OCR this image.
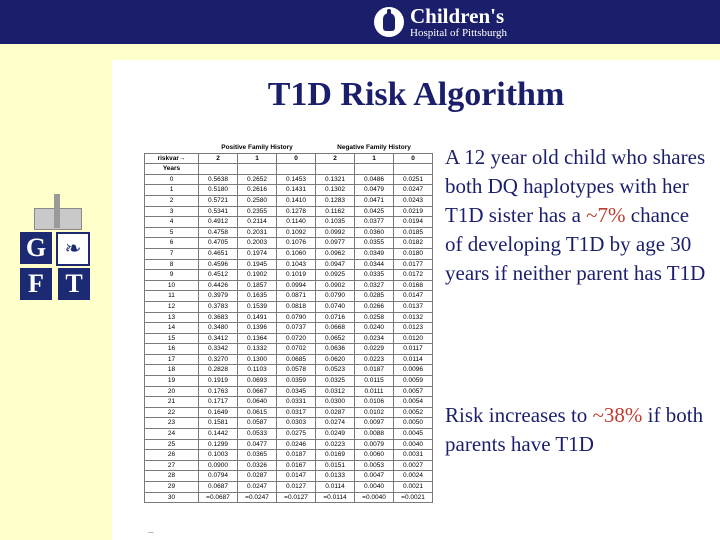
Children's
Hospital of Pittsburgh
G ❧
F T
T1D Risk Algorithm
	Positive Family History			Negative Family History		
riskvar→	2	1	0	2	1	0
Years						
0	0.5638	0.2652	0.1453	0.1321	0.0486	0.0251
1	0.5180	0.2616	0.1431	0.1302	0.0479	0.0247
2	0.5721	0.2580	0.1410	0.1283	0.0471	0.0243
3	0.5341	0.2355	0.1278	0.1162	0.0425	0.0219
4	0.4912	0.2114	0.1140	0.1035	0.0377	0.0194
5	0.4758	0.2031	0.1092	0.0992	0.0360	0.0185
6	0.4705	0.2003	0.1076	0.0977	0.0355	0.0182
7	0.4651	0.1974	0.1060	0.0962	0.0349	0.0180
8	0.4596	0.1945	0.1043	0.0947	0.0344	0.0177
9	0.4512	0.1902	0.1019	0.0925	0.0335	0.0172
10	0.4426	0.1857	0.0994	0.0902	0.0327	0.0168
11	0.3979	0.1635	0.0871	0.0790	0.0285	0.0147
12	0.3783	0.1539	0.0818	0.0740	0.0266	0.0137
13	0.3683	0.1491	0.0790	0.0716	0.0258	0.0132
14	0.3480	0.1396	0.0737	0.0668	0.0240	0.0123
15	0.3412	0.1364	0.0720	0.0652	0.0234	0.0120
16	0.3342	0.1332	0.0702	0.0636	0.0229	0.0117
17	0.3270	0.1300	0.0685	0.0620	0.0223	0.0114
18	0.2828	0.1103	0.0578	0.0523	0.0187	0.0096
19	0.1919	0.0693	0.0359	0.0325	0.0115	0.0059
20	0.1763	0.0667	0.0345	0.0312	0.0111	0.0057
21	0.1717	0.0640	0.0331	0.0300	0.0106	0.0054
22	0.1649	0.0615	0.0317	0.0287	0.0102	0.0052
23	0.1581	0.0587	0.0303	0.0274	0.0097	0.0050
24	0.1442	0.0533	0.0275	0.0249	0.0088	0.0045
25	0.1299	0.0477	0.0246	0.0223	0.0079	0.0040
26	0.1003	0.0365	0.0187	0.0169	0.0060	0.0031
27	0.0900	0.0326	0.0167	0.0151	0.0053	0.0027
28	0.0794	0.0287	0.0147	0.0133	0.0047	0.0024
29	0.0687	0.0247	0.0127	0.0114	0.0040	0.0021
30	=0.0687	=0.0247	=0.0127	=0.0114	=0.0040	=0.0021

A 12 year old child who shares both DQ haplotypes with her T1D sister has a ~7% chance of developing T1D by age 30 years if neither parent has T1D

Risk increases to ~38% if both parents have T1D

---
